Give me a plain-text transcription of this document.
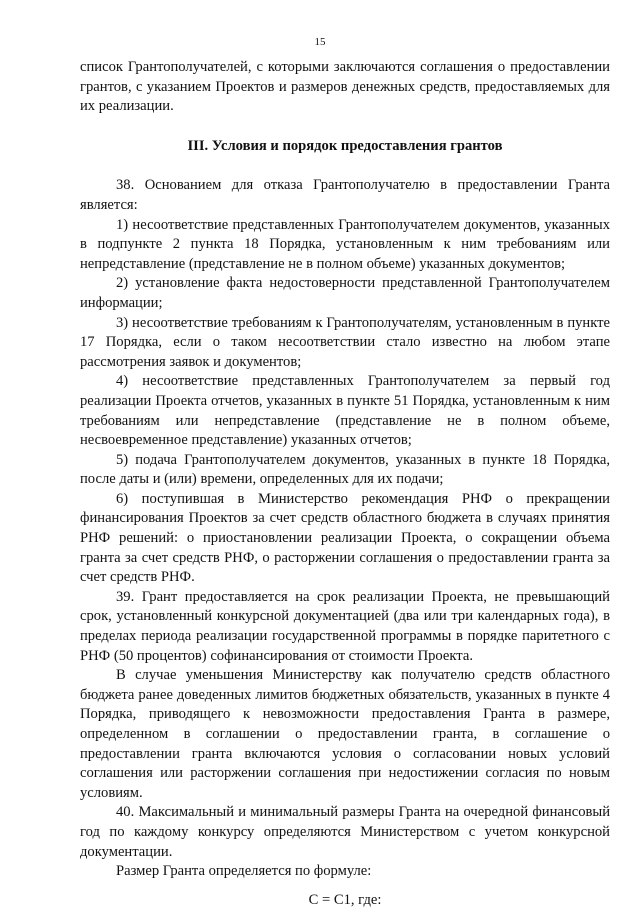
15

список Грантополучателей, с которыми заключаются соглашения о предоставлении грантов, с указанием Проектов и размеров денежных средств, предоставляемых для их реализации.

III. Условия и порядок предоставления грантов

38. Основанием для отказа Грантополучателю в предоставлении Гранта является:

1) несоответствие представленных Грантополучателем документов, указанных в подпункте 2 пункта 18 Порядка, установленным к ним требованиям или непредставление (представление не в полном объеме) указанных документов;

2) установление факта недостоверности представленной Грантополучателем информации;

3) несоответствие требованиям к Грантополучателям, установленным в пункте 17 Порядка, если о таком несоответствии стало известно на любом этапе рассмотрения заявок и документов;

4) несоответствие представленных Грантополучателем за первый год реализации Проекта отчетов, указанных в пункте 51 Порядка, установленным к ним требованиям или непредставление (представление не в полном объеме, несвоевременное представление) указанных отчетов;

5) подача Грантополучателем документов, указанных в пункте 18 Порядка, после даты и (или) времени, определенных для их подачи;

6) поступившая в Министерство рекомендация РНФ о прекращении финансирования Проектов за счет средств областного бюджета в случаях принятия РНФ решений: о приостановлении реализации Проекта, о сокращении объема гранта за счет средств РНФ, о расторжении соглашения о предоставлении гранта за счет средств РНФ.

39. Грант предоставляется на срок реализации Проекта, не превышающий срок, установленный конкурсной документацией (два или три календарных года), в пределах периода реализации государственной программы в порядке паритетного с РНФ (50 процентов) софинансирования от стоимости Проекта.

В случае уменьшения Министерству как получателю средств областного бюджета ранее доведенных лимитов бюджетных обязательств, указанных в пункте 4 Порядка, приводящего к невозможности предоставления Гранта в размере, определенном в соглашении о предоставлении гранта, в соглашение о предоставлении гранта включаются условия о согласовании новых условий соглашения или расторжении соглашения при недостижении согласия по новым условиям.

40. Максимальный и минимальный размеры Гранта на очередной финансовый год по каждому конкурсу определяются Министерством с учетом конкурсной документации.

Размер Гранта определяется по формуле:

С = С1, где:
